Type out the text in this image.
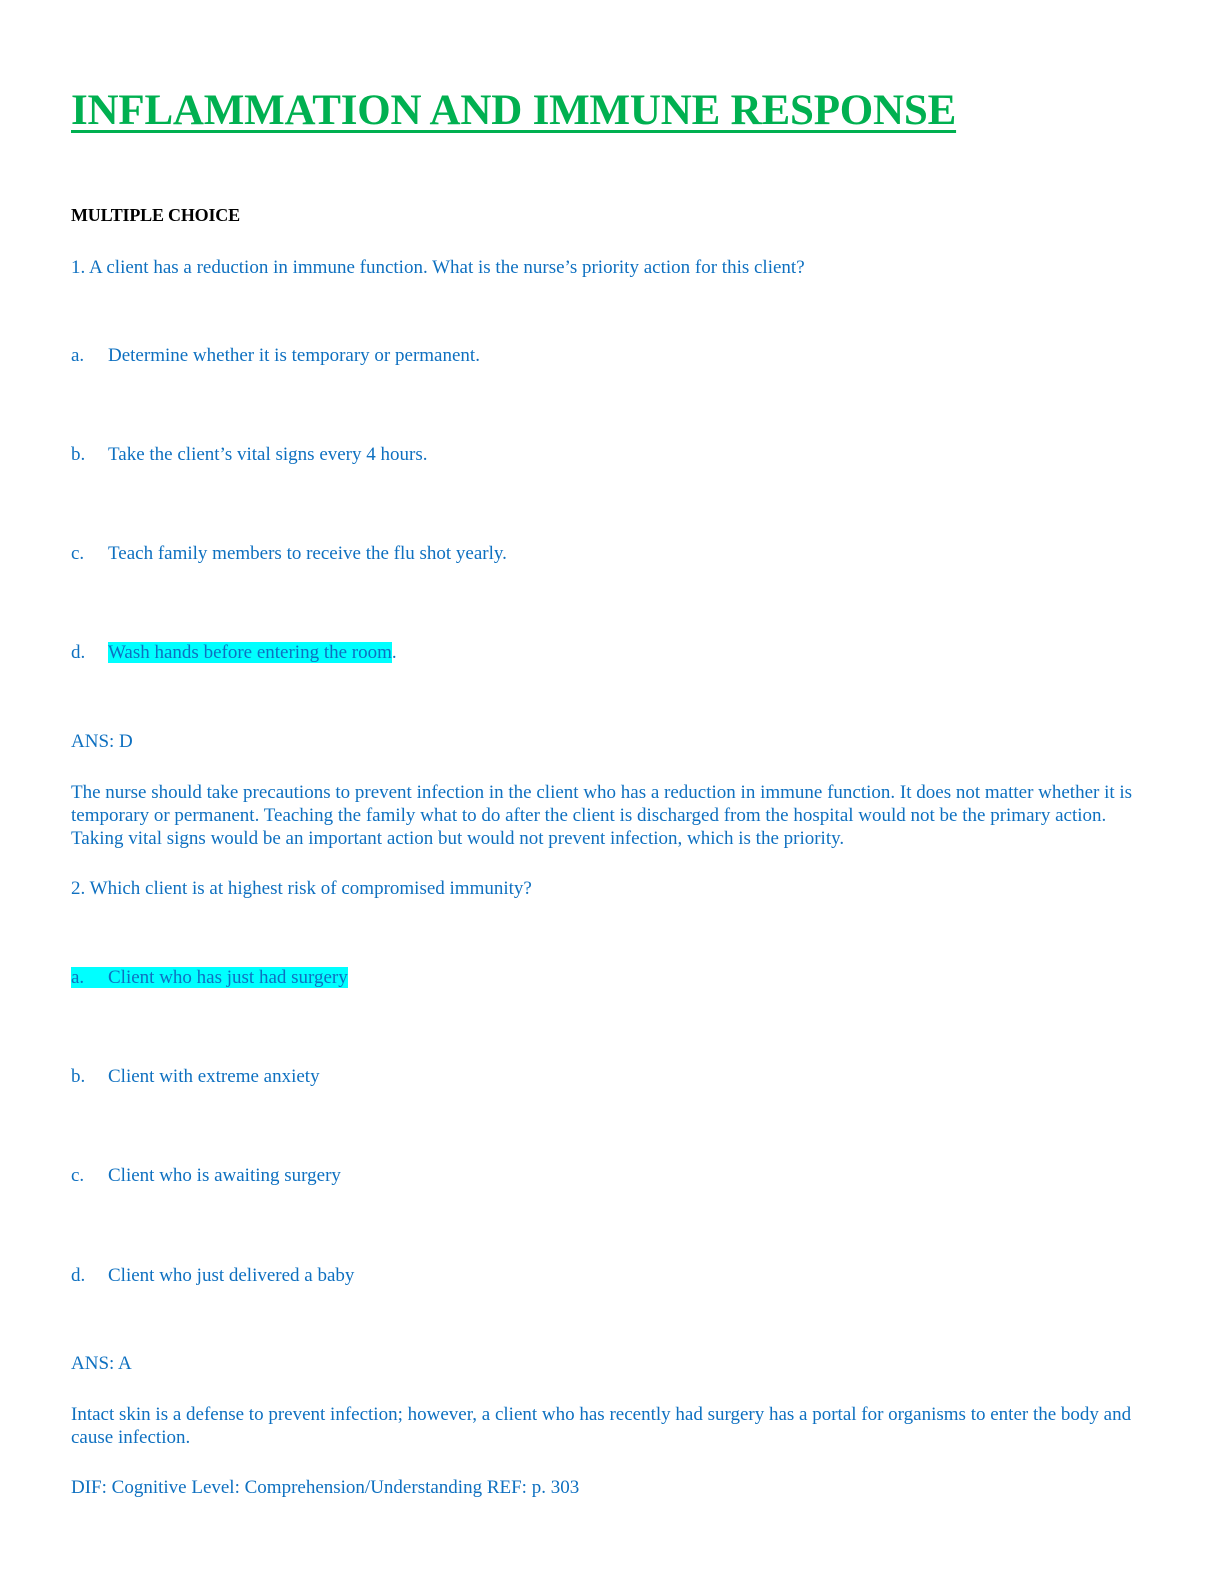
INFLAMMATION AND IMMUNE RESPONSE
MULTIPLE CHOICE

1. A client has a reduction in immune function. What is the nurse’s priority action for this client?

a. Determine whether it is temporary or permanent.

b. Take the client’s vital signs every 4 hours.

c. Teach family members to receive the flu shot yearly.

d. Wash hands before entering the room.

ANS: D

The nurse should take precautions to prevent infection in the client who has a reduction in immune function. It does not matter whether it is temporary or permanent. Teaching the family what to do after the client is discharged from the hospital would not be the primary action. Taking vital signs would be an important action but would not prevent infection, which is the priority.

2. Which client is at highest risk of compromised immunity?

a. Client who has just had surgery

b. Client with extreme anxiety

c. Client who is awaiting surgery

d. Client who just delivered a baby

ANS: A

Intact skin is a defense to prevent infection; however, a client who has recently had surgery has a portal for organisms to enter the body and cause infection.

DIF: Cognitive Level: Comprehension/Understanding REF: p. 303
